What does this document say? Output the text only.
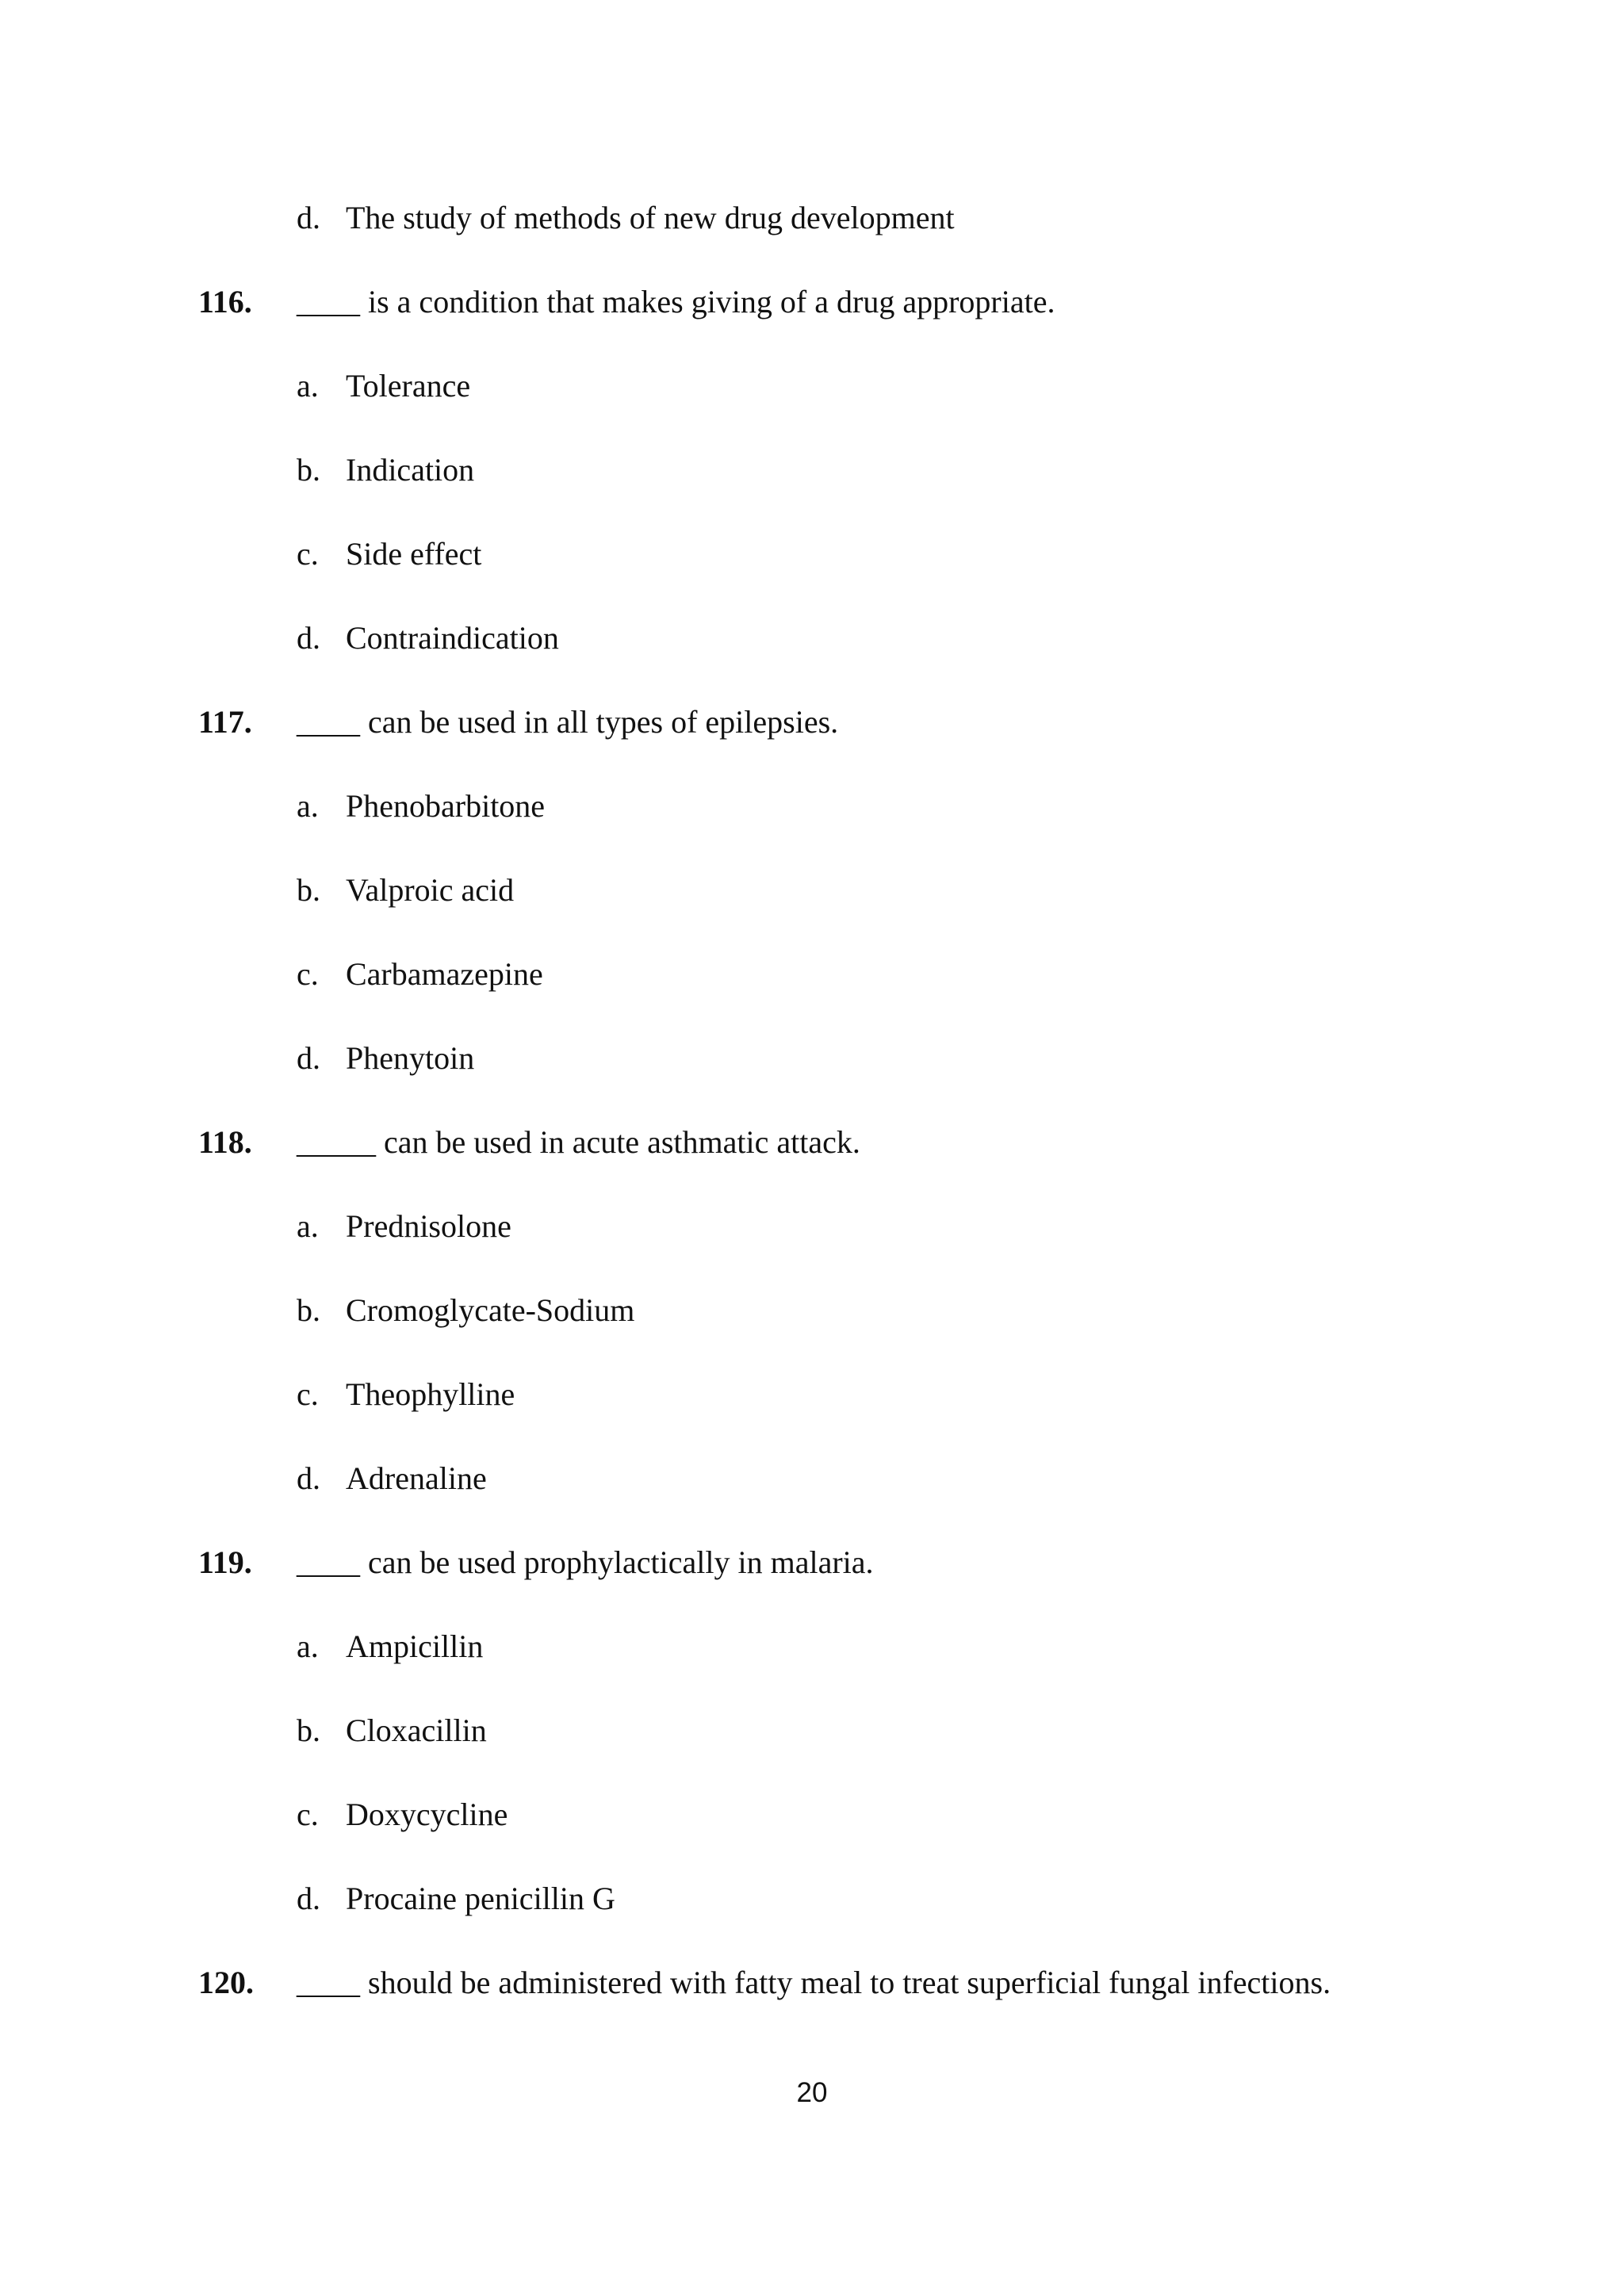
d. The study of methods of new drug development
116. ____ is a condition that makes giving of a drug appropriate.
a. Tolerance
b. Indication
c. Side effect
d. Contraindication
117. ____ can be used in all types of epilepsies.
a. Phenobarbitone
b. Valproic acid
c. Carbamazepine
d. Phenytoin
118. _____ can be used in acute asthmatic attack.
a. Prednisolone
b. Cromoglycate-Sodium
c. Theophylline
d. Adrenaline
119. ____ can be used prophylactically in malaria.
a. Ampicillin
b. Cloxacillin
c. Doxycycline
d. Procaine penicillin G
120. ____ should be administered with fatty meal to treat superficial fungal infections.
20
